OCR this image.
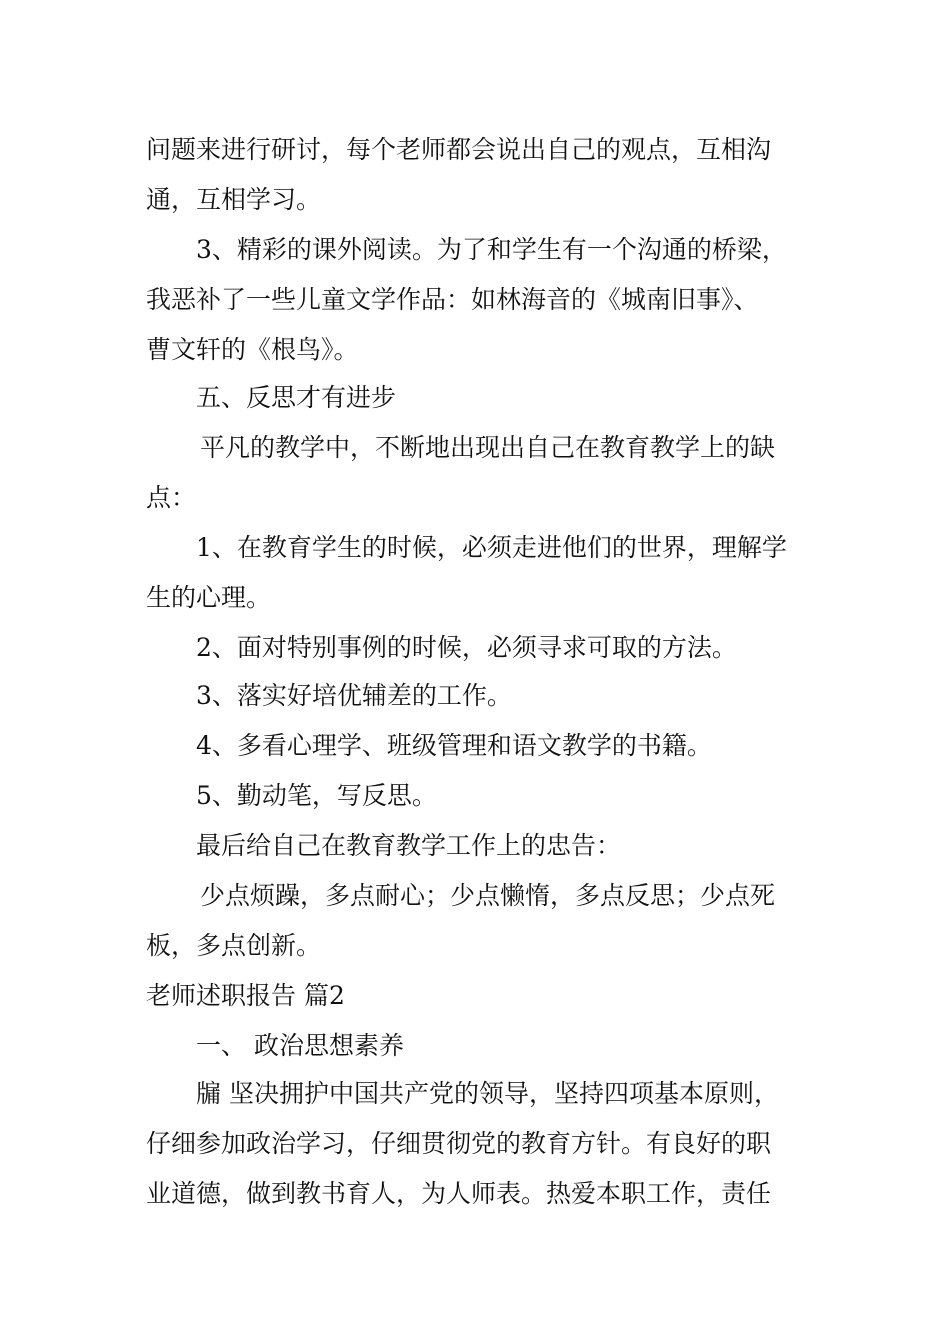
问题来进行研讨，每个老师都会说出自己的观点，互相沟

通，互相学习。

3、精彩的课外阅读。为了和学生有一个沟通的桥梁，

我恶补了一些儿童文学作品：如林海音的《城南旧事》、

曹文轩的《根鸟》。

五、反思才有进步

平凡的教学中，不断地出现出自己在教育教学上的缺

点：

1、在教育学生的时候，必须走进他们的世界，理解学

生的心理。

2、面对特别事例的时候，必须寻求可取的方法。

3、落实好培优辅差的工作。

4、多看心理学、班级管理和语文教学的书籍。

5、勤动笔，写反思。

最后给自己在教育教学工作上的忠告：

少点烦躁，多点耐心；少点懒惰，多点反思；少点死

板，多点创新。

老师述职报告 篇2

一、 政治思想素养

牖 坚决拥护中国共产党的领导，坚持四项基本原则，

仔细参加政治学习，仔细贯彻党的教育方针。有良好的职

业道德，做到教书育人，为人师表。热爱本职工作，责任
